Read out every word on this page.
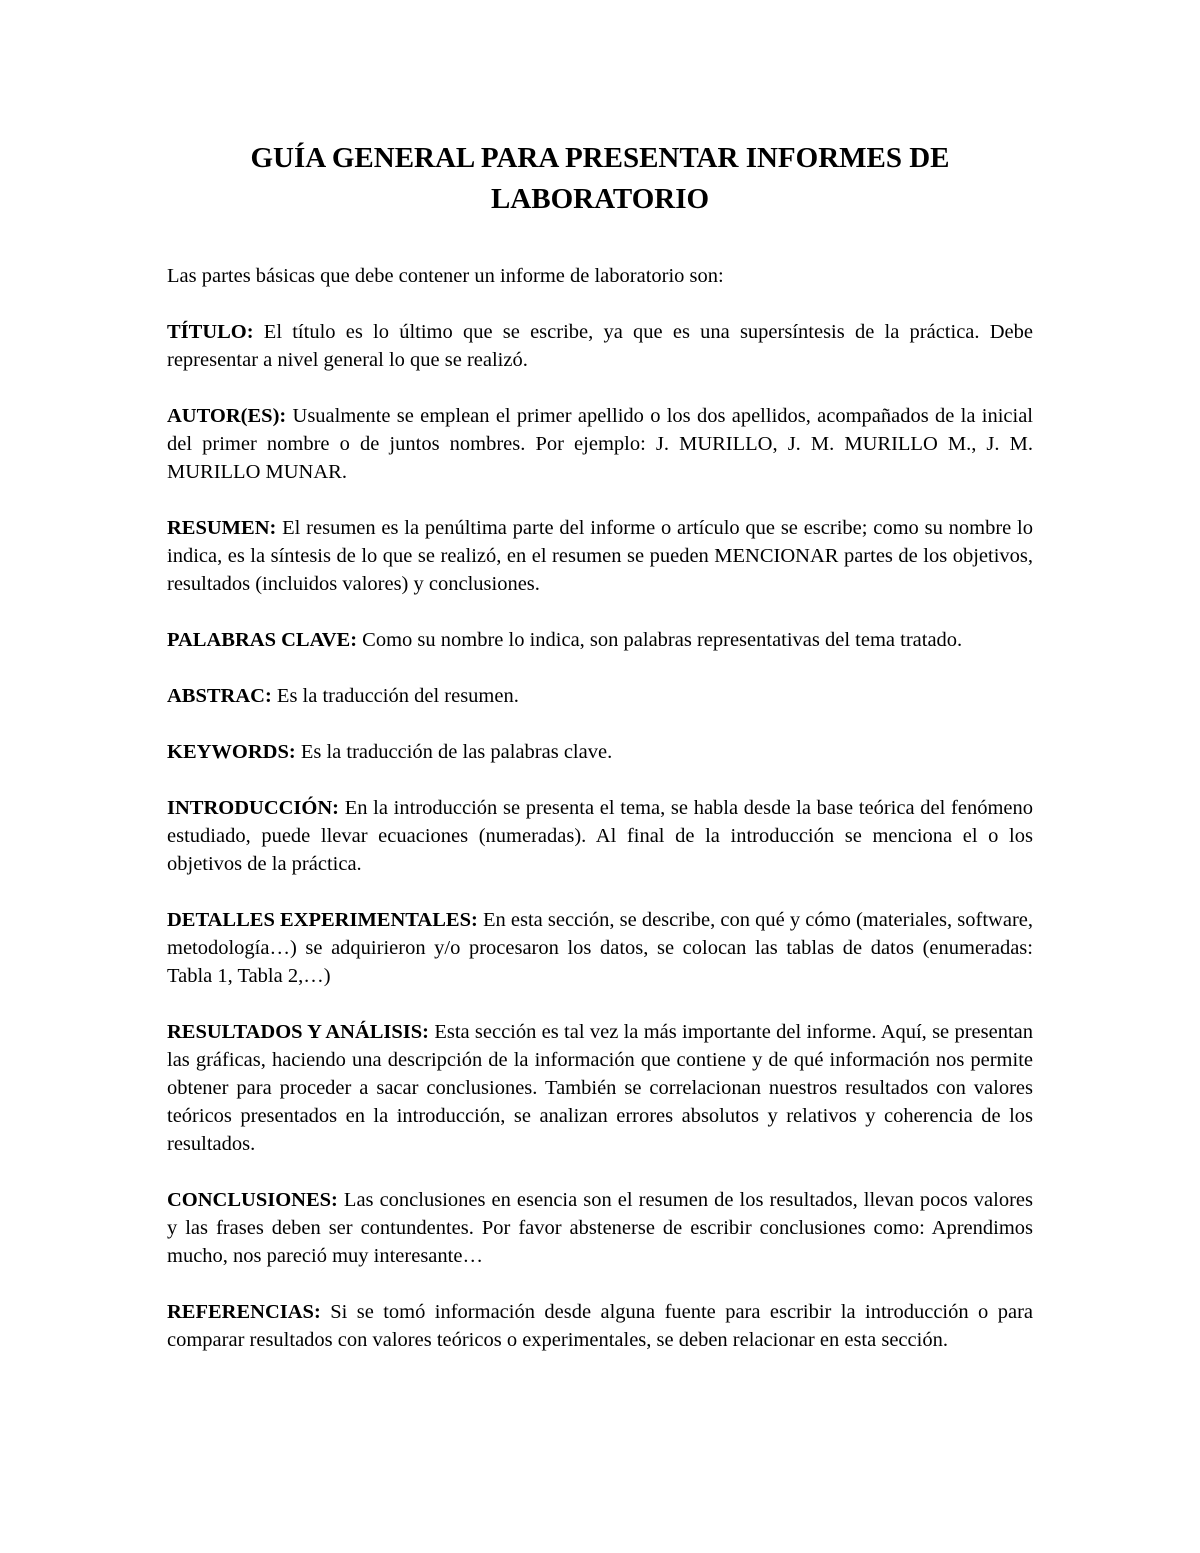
GUÍA GENERAL PARA PRESENTAR INFORMES DE LABORATORIO

Las partes básicas que debe contener un informe de laboratorio son:

TÍTULO: El título es lo último que se escribe, ya que es una supersíntesis de la práctica. Debe representar a nivel general lo que se realizó.

AUTOR(ES): Usualmente se emplean el primer apellido o los dos apellidos, acompañados de la inicial del primer nombre o de juntos nombres. Por ejemplo: J. MURILLO, J. M. MURILLO M., J. M. MURILLO MUNAR.

RESUMEN: El resumen es la penúltima parte del informe o artículo que se escribe; como su nombre lo indica, es la síntesis de lo que se realizó, en el resumen se pueden MENCIONAR partes de los objetivos, resultados (incluidos valores) y conclusiones.

PALABRAS CLAVE: Como su nombre lo indica, son palabras representativas del tema tratado.

ABSTRAC: Es la traducción del resumen.

KEYWORDS: Es la traducción de las palabras clave.

INTRODUCCIÓN: En la introducción se presenta el tema, se habla desde la base teórica del fenómeno estudiado, puede llevar ecuaciones (numeradas). Al final de la introducción se menciona el o los objetivos de la práctica.

DETALLES EXPERIMENTALES: En esta sección, se describe, con qué y cómo (materiales, software, metodología…) se adquirieron y/o procesaron los datos, se colocan las tablas de datos (enumeradas: Tabla 1, Tabla 2,…)

RESULTADOS Y ANÁLISIS: Esta sección es tal vez la más importante del informe. Aquí, se presentan las gráficas, haciendo una descripción de la información que contiene y de qué información nos permite obtener para proceder a sacar conclusiones. También se correlacionan nuestros resultados con valores teóricos presentados en la introducción, se analizan errores absolutos y relativos y coherencia de los resultados.

CONCLUSIONES: Las conclusiones en esencia son el resumen de los resultados, llevan pocos valores y las frases deben ser contundentes. Por favor abstenerse de escribir conclusiones como: Aprendimos mucho, nos pareció muy interesante…

REFERENCIAS: Si se tomó información desde alguna fuente para escribir la introducción o para comparar resultados con valores teóricos o experimentales, se deben relacionar en esta sección.
